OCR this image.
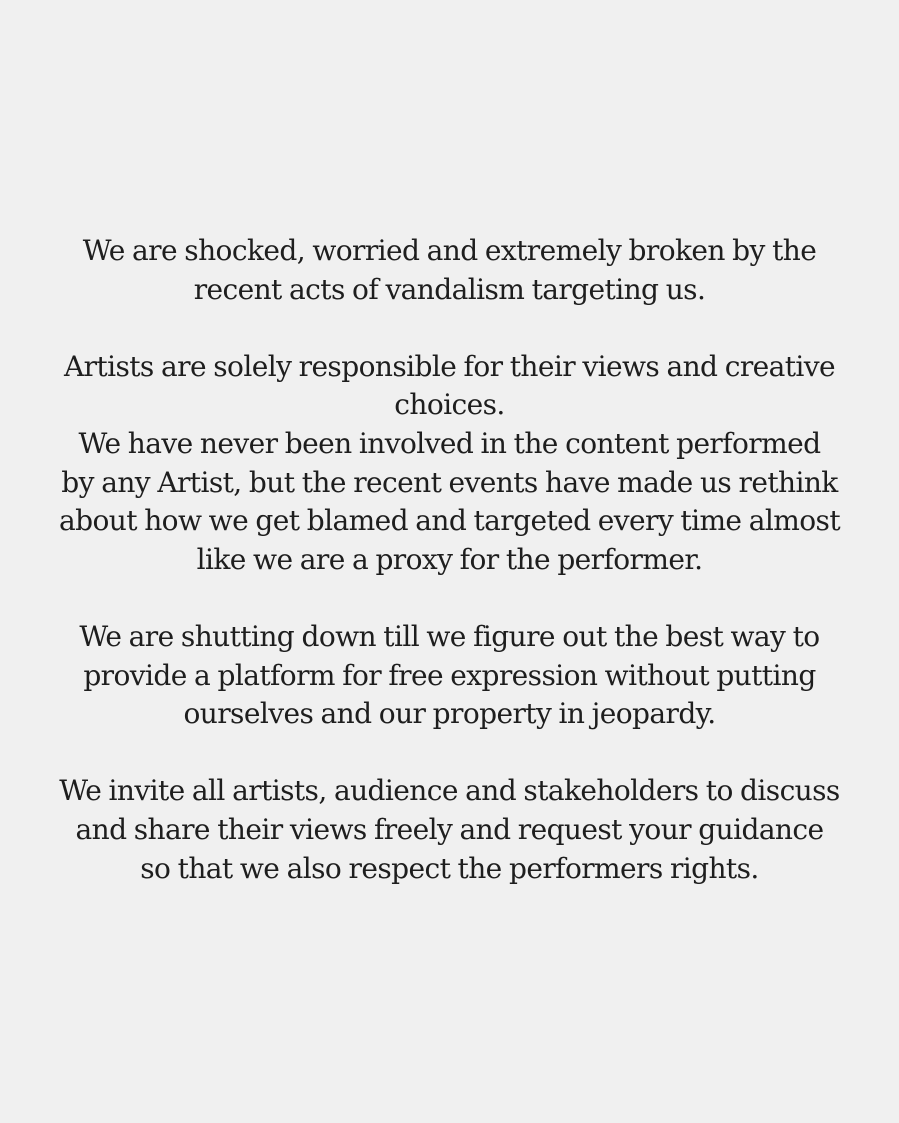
We are shocked, worried and extremely broken by the
recent acts of vandalism targeting us.

Artists are solely responsible for their views and creative
choices.
We have never been involved in the content performed
by any Artist, but the recent events have made us rethink
about how we get blamed and targeted every time almost
like we are a proxy for the performer.

We are shutting down till we figure out the best way to
provide a platform for free expression without putting
ourselves and our property in jeopardy.

We invite all artists, audience and stakeholders to discuss
and share their views freely and request your guidance
so that we also respect the performers rights.
